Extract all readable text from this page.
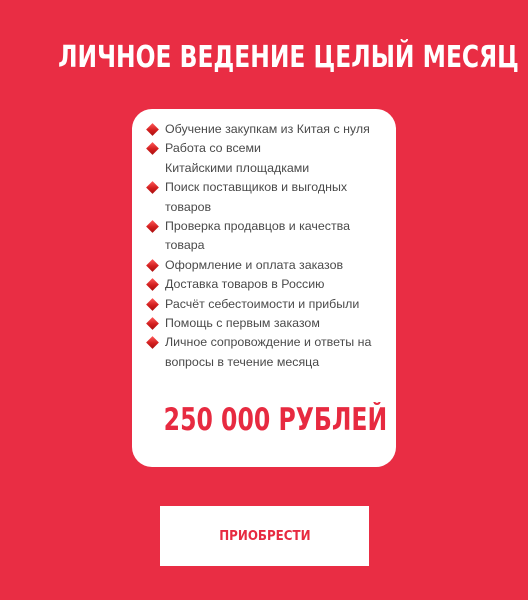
ЛИЧНОЕ ВЕДЕНИЕ ЦЕЛЫЙ МЕСЯЦ
Обучение закупкам из Китая с нуля
Работа со всеми
Китайскими площадками
Поиск поставщиков и выгодных
товаров
Проверка продавцов и качества
товара
Оформление и оплата заказов
Доставка товаров в Россию
Расчёт себестоимости и прибыли
Помощь с первым заказом
Личное сопровождение и ответы на
вопросы в течение месяца
250 000 РУБЛЕЙ
ПРИОБРЕСТИ
